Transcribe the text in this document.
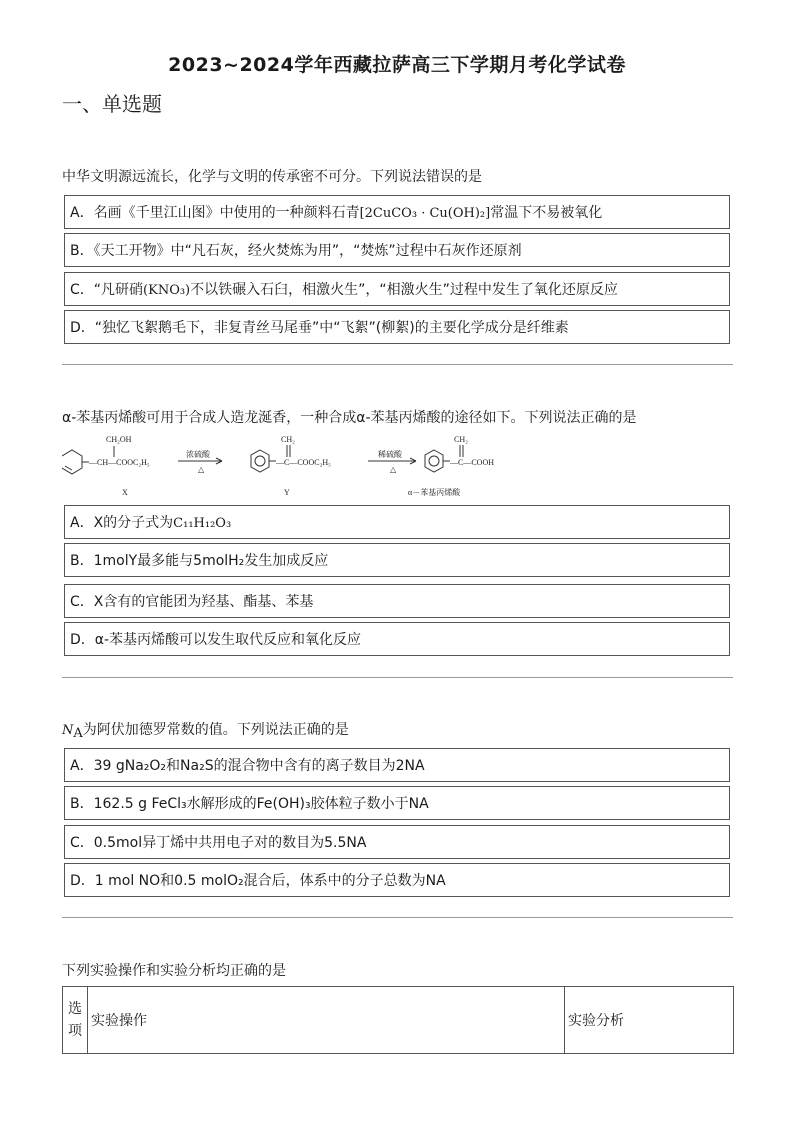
2023~2024学年西藏拉萨高三下学期月考化学试卷
一、单选题
中华文明源远流长，化学与文明的传承密不可分。下列说法错误的是
A．名画《千里江山图》中使用的一种颜料石青[2CuCO₃ · Cu(OH)₂]常温下不易被氧化
B．《天工开物》中“凡石灰，经火焚炼为用”，“焚炼”过程中石灰作还原剂
C．“凡研硝(KNO₃)不以铁碾入石臼，相激火生”，“相激火生”过程中发生了氧化还原反应
D．“独忆飞絮鹅毛下，非复青丝马尾垂”中“飞絮”(柳絮)的主要化学成分是纤维素
α-苯基丙烯酸可用于合成人造龙涎香，一种合成α-苯基丙烯酸的途径如下。下列说法正确的是
CH₂OH
—CH—COOC₂H₅
浓硫酸
△
CH₂
—C—COOC₂H₅
稀硫酸
△
CH₂
—C—COOH
X	Y	α－苯基丙烯酸
A．X的分子式为C₁₁H₁₂O₃
B．1molY最多能与5molH₂发生加成反应
C．X含有的官能团为羟基、酯基、苯基
D．α-苯基丙烯酸可以发生取代反应和氧化反应
$N_A$为阿伏加德罗常数的值。下列说法正确的是
A．39 gNa₂O₂和Na₂S的混合物中含有的离子数目为2NA
B．162.5 g FeCl₃水解形成的Fe(OH)₃胶体粒子数小于NA
C．0.5mol异丁烯中共用电子对的数目为5.5NA
D．1 mol NO和0.5 molO₂混合后，体系中的分子总数为NA
下列实验操作和实验分析均正确的是
选项	实验操作	实验分析
